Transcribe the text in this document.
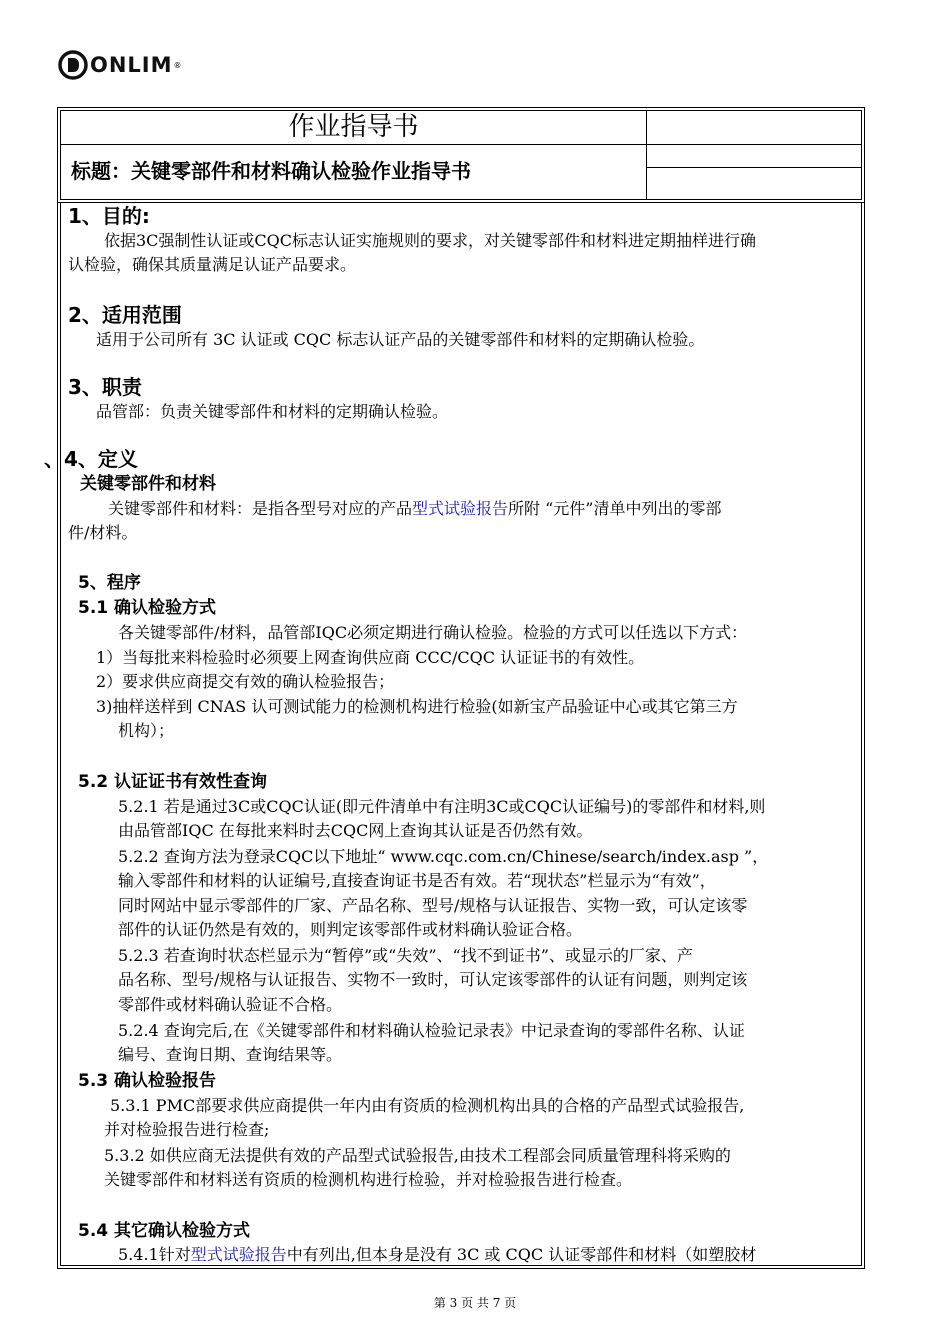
ONLIM ®
作业指导书
标题：关键零部件和材料确认检验作业指导书
1、目的:
依据3C强制性认证或CQC标志认证实施规则的要求，对关键零部件和材料进定期抽样进行确
认检验，确保其质量满足认证产品要求。
2、适用范围
适用于公司所有 3C 认证或 CQC 标志认证产品的关键零部件和材料的定期确认检验。
3、职责
品管部：负责关键零部件和材料的定期确认检验。
、4、定义
关键零部件和材料
关键零部件和材料：是指各型号对应的产品型式试验报告所附 “元件”清单中列出的零部
件/材料。
5、程序
5.1 确认检验方式
各关键零部件/材料，品管部IQC必须定期进行确认检验。检验的方式可以任选以下方式：
1）当每批来料检验时必须要上网查询供应商 CCC/CQC 认证证书的有效性。
2）要求供应商提交有效的确认检验报告；
3)抽样送样到 CNAS 认可测试能力的检测机构进行检验(如新宝产品验证中心或其它第三方
机构）；
5.2 认证证书有效性查询
5.2.1 若是通过3C或CQC认证(即元件清单中有注明3C或CQC认证编号)的零部件和材料,则
由品管部IQC 在每批来料时去CQC网上查询其认证是否仍然有效。
5.2.2 查询方法为登录CQC以下地址“ www.cqc.com.cn/Chinese/search/index.asp ”，
输入零部件和材料的认证编号,直接查询证书是否有效。若“现状态”栏显示为“有效”，
同时网站中显示零部件的厂家、产品名称、型号/规格与认证报告、实物一致，可认定该零
部件的认证仍然是有效的，则判定该零部件或材料确认验证合格。
5.2.3 若查询时状态栏显示为“暂停”或“失效”、“找不到证书”、或显示的厂家、产
品名称、型号/规格与认证报告、实物不一致时，可认定该零部件的认证有问题，则判定该
零部件或材料确认验证不合格。
5.2.4 查询完后,在《关键零部件和材料确认检验记录表》中记录查询的零部件名称、认证
编号、查询日期、查询结果等。
5.3 确认检验报告
5.3.1 PMC部要求供应商提供一年内由有资质的检测机构出具的合格的产品型式试验报告,
并对检验报告进行检查;
5.3.2 如供应商无法提供有效的产品型式试验报告,由技术工程部会同质量管理科将采购的
关键零部件和材料送有资质的检测机构进行检验，并对检验报告进行检查。
5.4 其它确认检验方式
5.4.1针对型式试验报告中有列出,但本身是没有 3C 或 CQC 认证零部件和材料（如塑胶材
第 3 页 共 7 页
